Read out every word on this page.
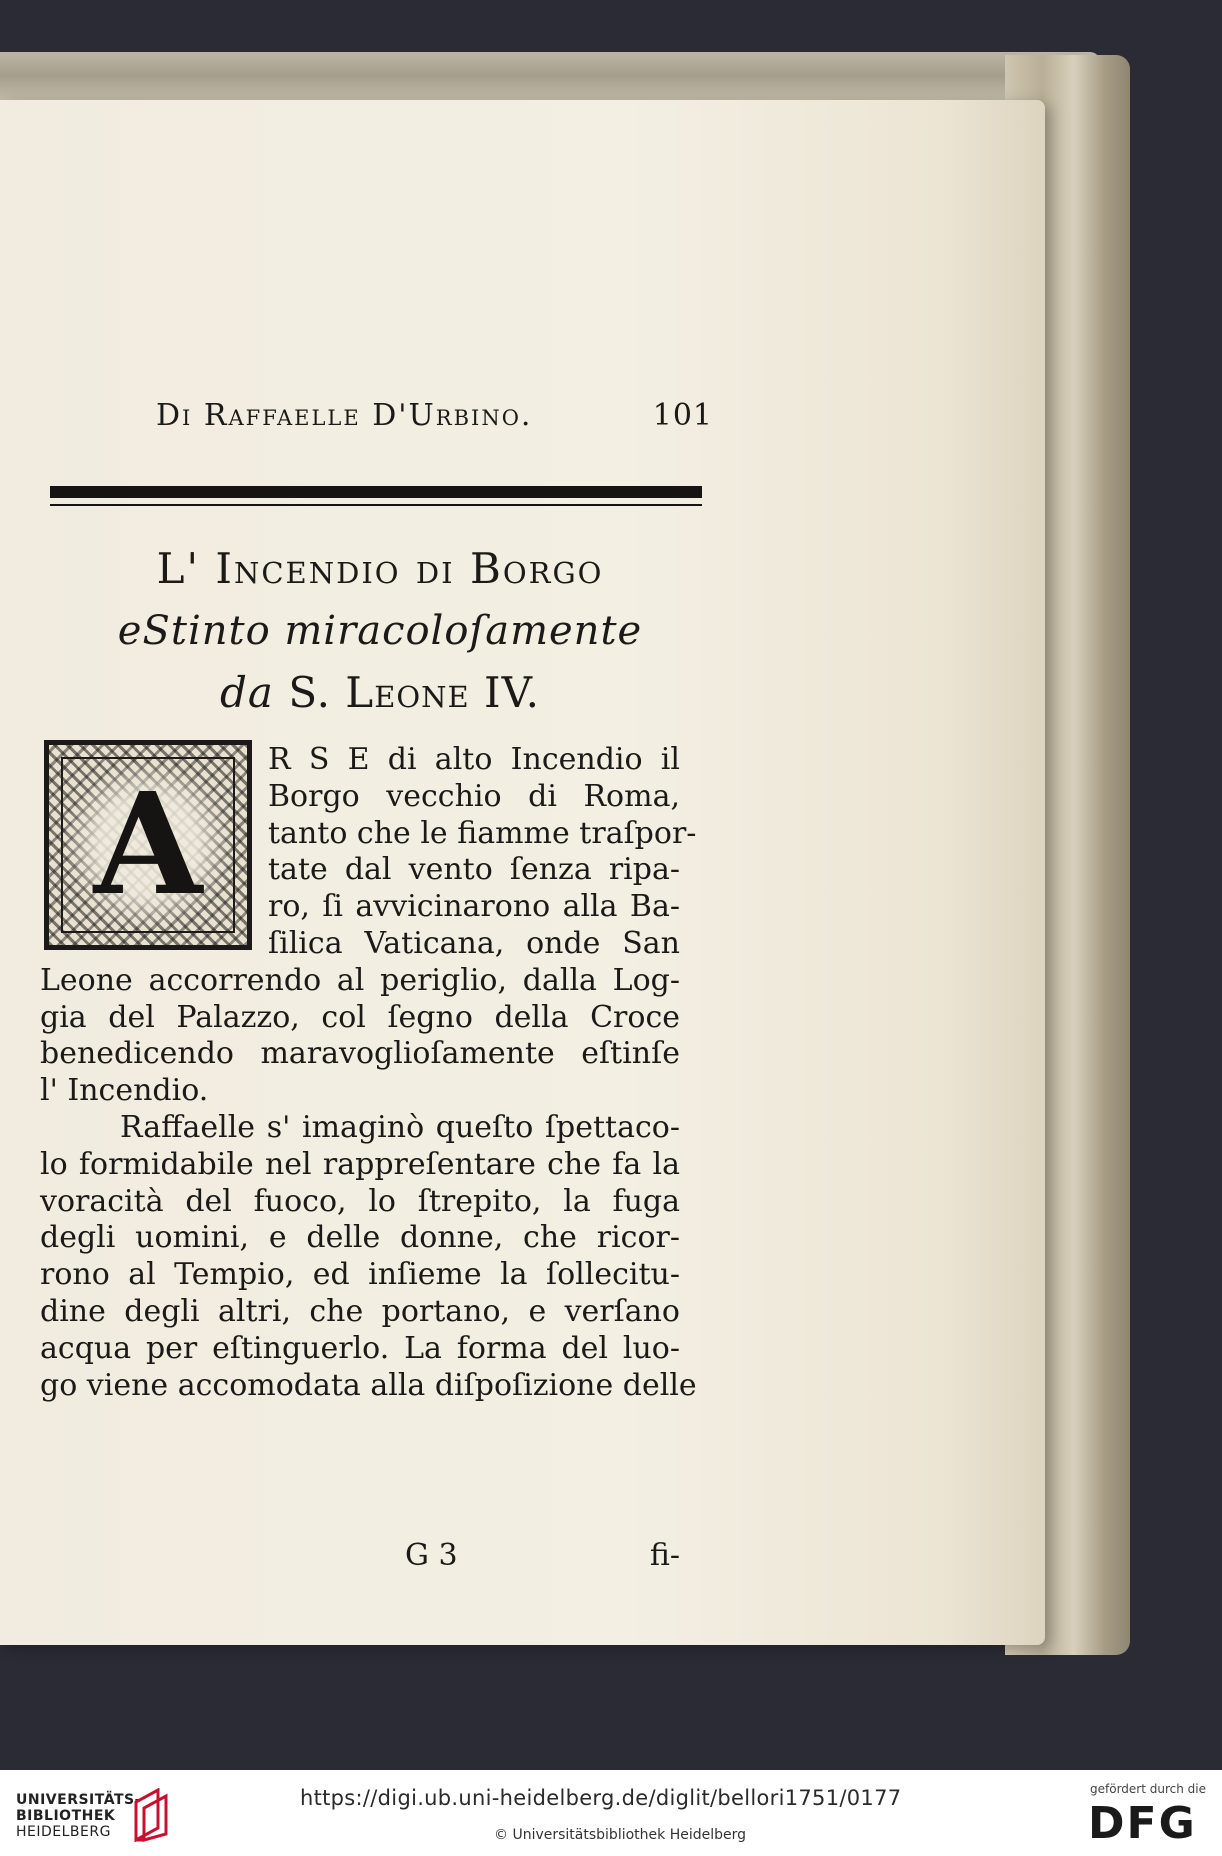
Di Raffaelle D'Urbino.	101
L' Incendio di Borgo
eStinto miracoloſamente
da S. Leone IV.
A
R S E di alto Incendio il
Borgo vecchio di Roma,
tanto che le fiamme traſpor-
tate dal vento ſenza ripa-
ro, ſi avvicinarono alla Ba-
ſilica Vaticana, onde San
Leone accorrendo al periglio, dalla Log-
gia del Palazzo, col ſegno della Croce
benedicendo maravoglioſamente eſtinſe
l' Incendio.
Raffaelle s' imaginò queſto ſpettaco-
lo formidabile nel rappreſentare che fa la
voracità del fuoco, lo ſtrepito, la fuga
degli uomini, e delle donne, che ricor-
rono al Tempio, ed inſieme la ſollecitu-
dine degli altri, che portano, e verſano
acqua per eſtinguerlo. La forma del luo-
go viene accomodata alla diſpoſizione delle
G 3	fi-
UNIVERSITÄTS-
BIBLIOTHEK
HEIDELBERG
https://digi.ub.uni-heidelberg.de/diglit/bellori1751/0177
© Universitätsbibliothek Heidelberg
gefördert durch die
DFG
